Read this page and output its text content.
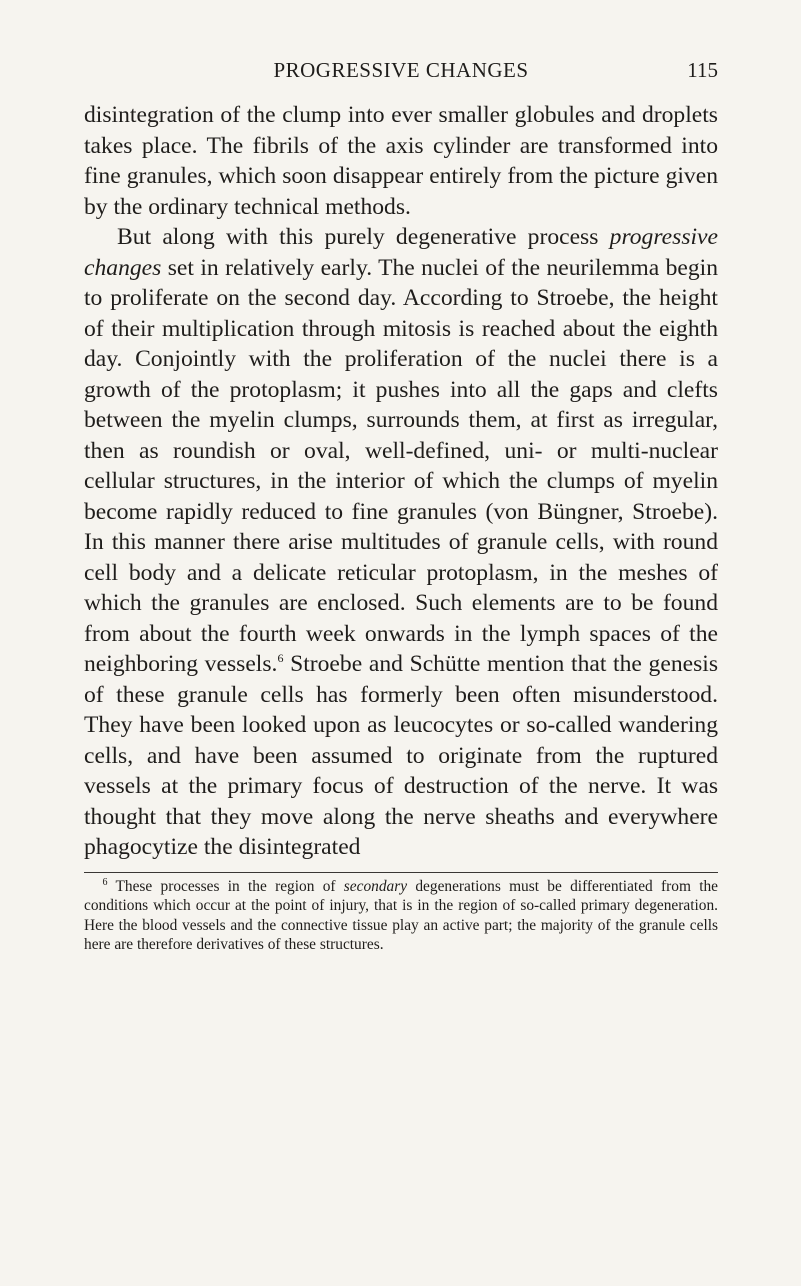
PROGRESSIVE CHANGES	115

disintegration of the clump into ever smaller globules and droplets takes place. The fibrils of the axis cylinder are transformed into fine granules, which soon disappear entirely from the picture given by the ordinary technical methods.

But along with this purely degenerative process progressive changes set in relatively early. The nuclei of the neurilemma begin to proliferate on the second day. According to Stroebe, the height of their multiplication through mitosis is reached about the eighth day. Conjointly with the proliferation of the nuclei there is a growth of the protoplasm; it pushes into all the gaps and clefts between the myelin clumps, surrounds them, at first as irregular, then as roundish or oval, well-defined, uni- or multi-nuclear cellular structures, in the interior of which the clumps of myelin become rapidly reduced to fine granules (von Büngner, Stroebe). In this manner there arise multitudes of granule cells, with round cell body and a delicate reticular protoplasm, in the meshes of which the granules are enclosed. Such elements are to be found from about the fourth week onwards in the lymph spaces of the neighboring vessels.$^6$ Stroebe and Schütte mention that the genesis of these granule cells has formerly been often misunderstood. They have been looked upon as leucocytes or so-called wandering cells, and have been assumed to originate from the ruptured vessels at the primary focus of destruction of the nerve. It was thought that they move along the nerve sheaths and everywhere phagocytize the disintegrated

$^6$ These processes in the region of secondary degenerations must be differentiated from the conditions which occur at the point of injury, that is in the region of so-called primary degeneration. Here the blood vessels and the connective tissue play an active part; the majority of the granule cells here are therefore derivatives of these structures.
